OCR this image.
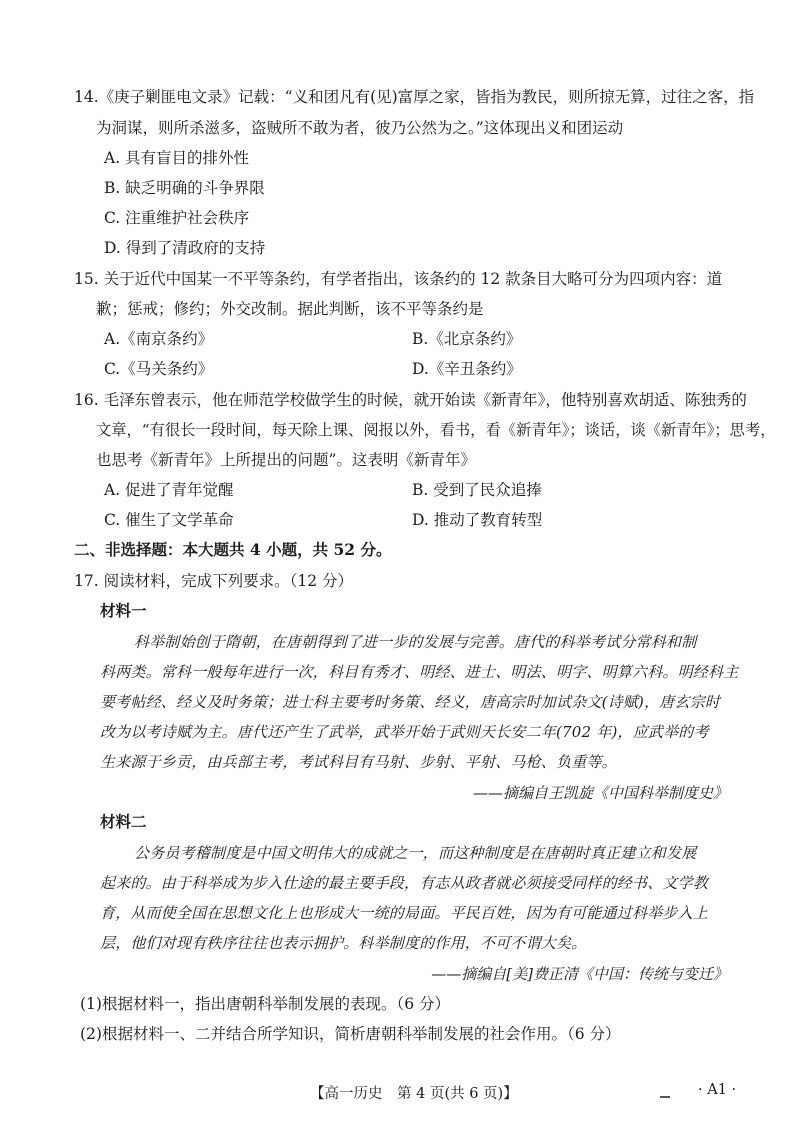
14.《庚子剿匪电文录》记载：“义和团凡有(见)富厚之家，皆指为教民，则所掠无算，过往之客，指
为洞谋，则所杀滋多，盗贼所不敢为者，彼乃公然为之。”这体现出义和团运动
A. 具有盲目的排外性
B. 缺乏明确的斗争界限
C. 注重维护社会秩序
D. 得到了清政府的支持
15. 关于近代中国某一不平等条约，有学者指出，该条约的 12 款条目大略可分为四项内容：道
歉；惩戒；修约；外交改制。据此判断，该不平等条约是
A.《南京条约》	B.《北京条约》
C.《马关条约》	D.《辛丑条约》
16. 毛泽东曾表示，他在师范学校做学生的时候，就开始读《新青年》，他特别喜欢胡适、陈独秀的
文章，“有很长一段时间，每天除上课、阅报以外，看书，看《新青年》；谈话，谈《新青年》；思考，
也思考《新青年》上所提出的问题”。这表明《新青年》
A. 促进了青年觉醒	B. 受到了民众追捧
C. 催生了文学革命	D. 推动了教育转型
二、非选择题：本大题共 4 小题，共 52 分。
17. 阅读材料，完成下列要求。（12 分）
材料一
科举制始创于隋朝，在唐朝得到了进一步的发展与完善。唐代的科举考试分常科和制
科两类。常科一般每年进行一次，科目有秀才、明经、进士、明法、明字、明算六科。明经科主
要考帖经、经义及时务策；进士科主要考时务策、经义，唐高宗时加试杂文(诗赋)，唐玄宗时
改为以考诗赋为主。唐代还产生了武举，武举开始于武则天长安二年(702 年)，应武举的考
生来源于乡贡，由兵部主考，考试科目有马射、步射、平射、马枪、负重等。
——摘编自王凯旋《中国科举制度史》
材料二
公务员考稽制度是中国文明伟大的成就之一，而这种制度是在唐朝时真正建立和发展
起来的。由于科举成为步入仕途的最主要手段，有志从政者就必须接受同样的经书、文学教
育，从而使全国在思想文化上也形成大一统的局面。平民百姓，因为有可能通过科举步入上
层，他们对现有秩序往往也表示拥护。科举制度的作用，不可不谓大矣。
——摘编自[美]费正清《中国：传统与变迁》
(1)根据材料一，指出唐朝科举制发展的表现。（6 分）
(2)根据材料一、二并结合所学知识，简析唐朝科举制发展的社会作用。（6 分）
【高一历史　第 4 页(共 6 页)】	· A1 ·
